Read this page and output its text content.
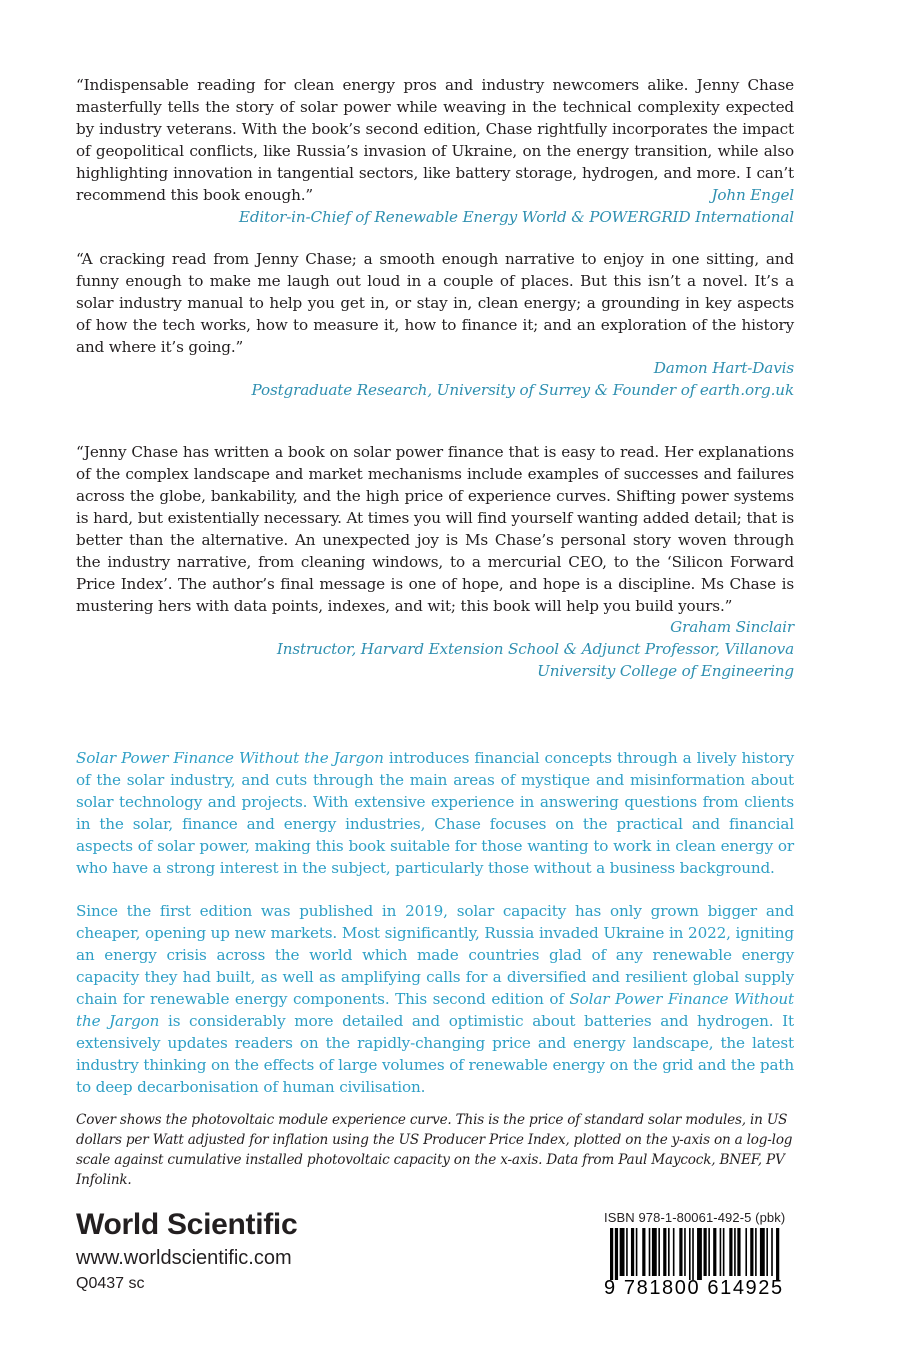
“Indispensable reading for clean energy pros and industry newcomers alike. Jenny Chase masterfully tells the story of solar power while weaving in the technical complexity expected by industry veterans. With the book’s second edition, Chase rightfully incorporates the impact of geopolitical conflicts, like Russia’s invasion of Ukraine, on the energy transition, while also highlighting innovation in tangential sectors, like battery storage, hydrogen, and more. I can’t recommend this book enough.”	John Engel

Editor-in-Chief of Renewable Energy World & POWERGRID International

“A cracking read from Jenny Chase; a smooth enough narrative to enjoy in one sitting, and funny enough to make me laugh out loud in a couple of places. But this isn’t a novel. It’s a solar industry manual to help you get in, or stay in, clean energy; a grounding in key aspects of how the tech works, how to measure it, how to finance it; and an exploration of the history and where it’s going.”

Damon Hart-Davis

Postgraduate Research, University of Surrey & Founder of earth.org.uk

“Jenny Chase has written a book on solar power finance that is easy to read. Her explanations of the complex landscape and market mechanisms include examples of successes and failures across the globe, bankability, and the high price of experience curves. Shifting power systems is hard, but existentially necessary. At times you will find yourself wanting added detail; that is better than the alternative. An unexpected joy is Ms Chase’s personal story woven through the industry narrative, from cleaning windows, to a mercurial CEO, to the ‘Silicon Forward Price Index’. The author’s final message is one of hope, and hope is a discipline. Ms Chase is mustering hers with data points, indexes, and wit; this book will help you build yours.”

Graham Sinclair

Instructor, Harvard Extension School & Adjunct Professor, Villanova

University College of Engineering

Solar Power Finance Without the Jargon introduces financial concepts through a lively history of the solar industry, and cuts through the main areas of mystique and misinformation about solar technology and projects. With extensive experience in answering questions from clients in the solar, finance and energy industries, Chase focuses on the practical and financial aspects of solar power, making this book suitable for those wanting to work in clean energy or who have a strong interest in the subject, particularly those without a business background.

Since the first edition was published in 2019, solar capacity has only grown bigger and cheaper, opening up new markets. Most significantly, Russia invaded Ukraine in 2022, igniting an energy crisis across the world which made countries glad of any renewable energy capacity they had built, as well as amplifying calls for a diversified and resilient global supply chain for renewable energy components. This second edition of Solar Power Finance Without the Jargon is considerably more detailed and optimistic about batteries and hydrogen. It extensively updates readers on the rapidly-changing price and energy landscape, the latest industry thinking on the effects of large volumes of renewable energy on the grid and the path to deep decarbonisation of human civilisation.

Cover shows the photovoltaic module experience curve. This is the price of standard solar modules, in US dollars per Watt adjusted for inflation using the US Producer Price Index, plotted on the y-axis on a log-log scale against cumulative installed photovoltaic capacity on the x-axis. Data from Paul Maycock, BNEF, PV Infolink.

World Scientific
www.worldscientific.com
Q0437 sc
ISBN 978-1-80061-492-5 (pbk)
9 781800 614925
